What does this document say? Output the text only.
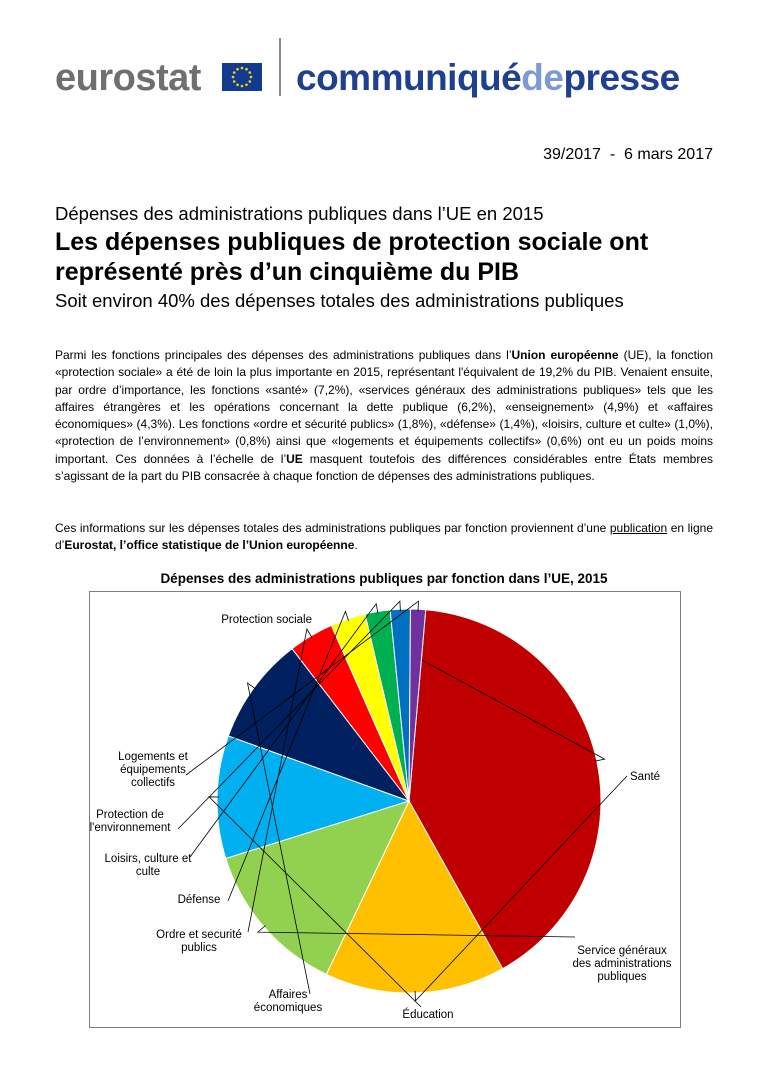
eurostat	communiquédepresse
39/2017  -  6 mars 2017
Dépenses des administrations publiques dans l’UE en 2015
Les dépenses publiques de protection sociale ont représenté près d’un cinquième du PIB
Soit environ 40% des dépenses totales des administrations publiques
Parmi les fonctions principales des dépenses des administrations publiques dans l’Union européenne (UE), la fonction «protection sociale» a été de loin la plus importante en 2015, représentant l'équivalent de 19,2% du PIB. Venaient ensuite, par ordre d’importance, les fonctions «santé» (7,2%), «services généraux des administrations publiques» tels que les affaires étrangères et les opérations concernant la dette publique (6,2%), «enseignement» (4,9%) et «affaires économiques» (4,3%). Les fonctions «ordre et sécurité publics» (1,8%), «défense» (1,4%), «loisirs, culture et culte» (1,0%), «protection de l’environnement» (0,8%) ainsi que «logements et équipements collectifs» (0,6%) ont eu un poids moins important. Ces données à l’échelle de l’UE masquent toutefois des différences considérables entre États membres s’agissant de la part du PIB consacrée à chaque fonction de dépenses des administrations publiques.
Ces informations sur les dépenses totales des administrations publiques par fonction proviennent d’une publication en ligne d’Eurostat, l’office statistique de l’Union européenne.
Dépenses des administrations publiques par fonction dans l’UE, 2015
Protection sociale
Santé
Service généraux des administrations publiques
Éducation
Affaires économiques
Ordre et securité publics
Défense
Loisirs, culture et culte
Protection de l'environnement
Logements et équipements collectifs
